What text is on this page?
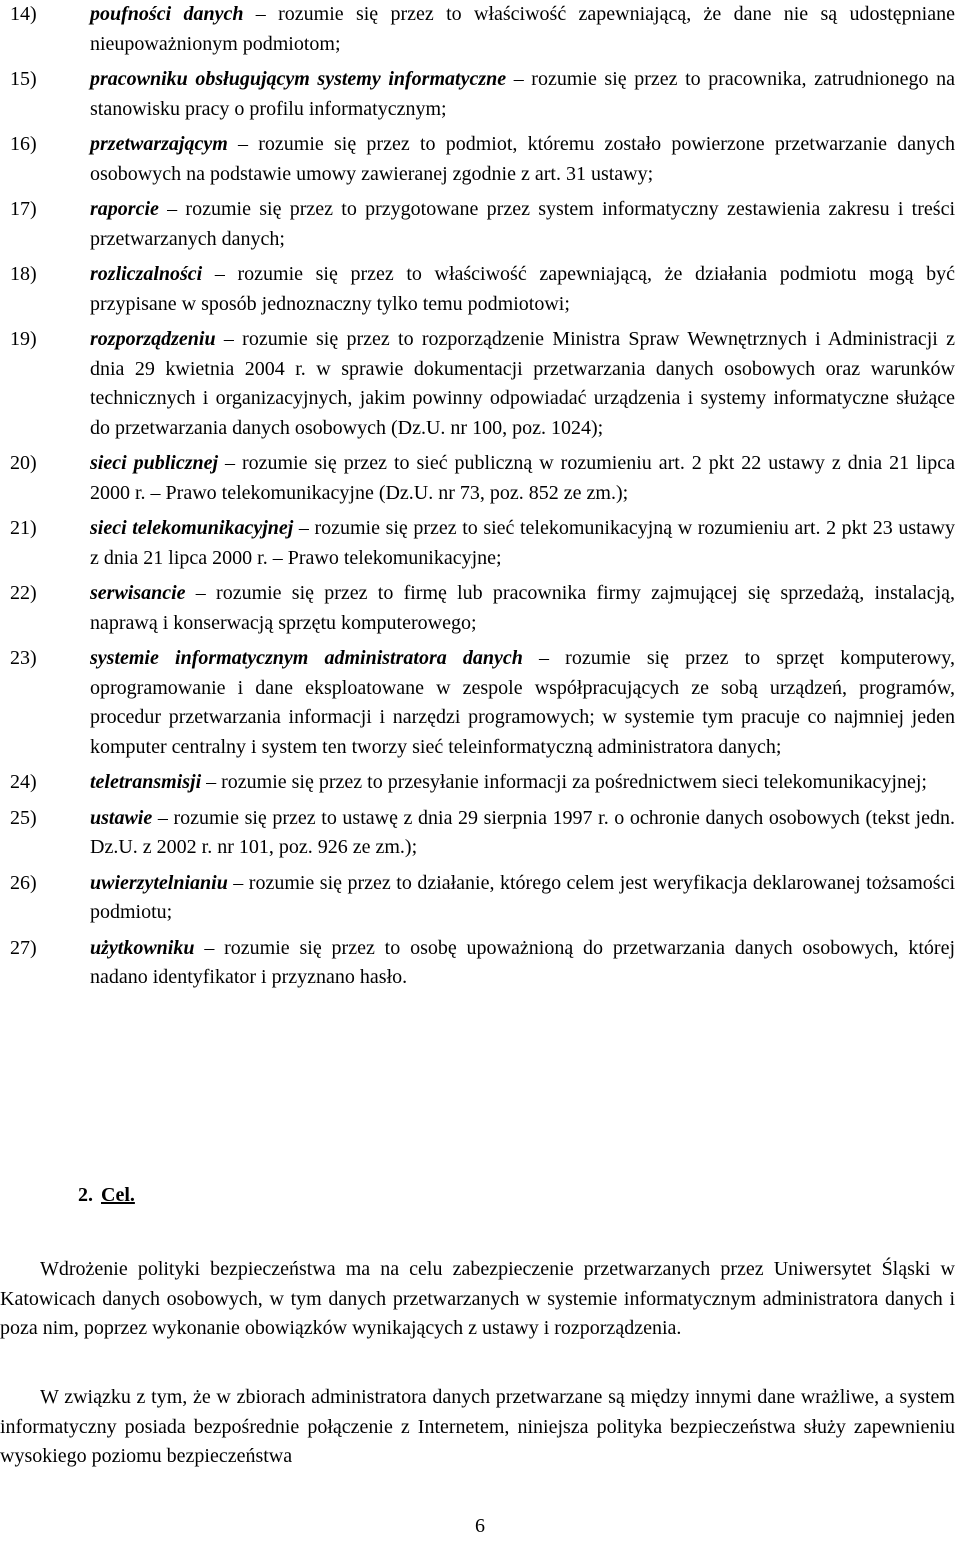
14)	poufności danych – rozumie się przez to właściwość zapewniającą, że dane nie są udostępniane nieupoważnionym podmiotom;
15)	pracowniku obsługującym systemy informatyczne – rozumie się przez to pracownika, zatrudnionego na stanowisku pracy o profilu informatycznym;
16)	przetwarzającym – rozumie się przez to podmiot, któremu zostało powierzone przetwarzanie danych osobowych na podstawie umowy zawieranej zgodnie z art. 31 ustawy;
17)	raporcie – rozumie się przez to przygotowane przez system informatyczny zestawienia zakresu i treści przetwarzanych danych;
18)	rozliczalności – rozumie się przez to właściwość zapewniającą, że działania podmiotu mogą być przypisane w sposób jednoznaczny tylko temu podmiotowi;
19)	rozporządzeniu – rozumie się przez to rozporządzenie Ministra Spraw Wewnętrznych i Administracji z dnia 29 kwietnia 2004 r. w sprawie dokumentacji przetwarzania danych osobowych oraz warunków technicznych i organizacyjnych, jakim powinny odpowiadać urządzenia i systemy informatyczne służące do przetwarzania danych osobowych (Dz.U. nr 100, poz. 1024);
20)	sieci publicznej – rozumie się przez to sieć publiczną w rozumieniu art. 2 pkt 22 ustawy z dnia 21 lipca 2000 r. – Prawo telekomunikacyjne (Dz.U. nr 73, poz. 852 ze zm.);
21)	sieci telekomunikacyjnej – rozumie się przez to sieć telekomunikacyjną w rozumieniu art. 2 pkt 23 ustawy z dnia 21 lipca 2000 r. – Prawo telekomunikacyjne;
22)	serwisancie – rozumie się przez to firmę lub pracownika firmy zajmującej się sprzedażą, instalacją, naprawą i konserwacją sprzętu komputerowego;
23)	systemie informatycznym administratora danych – rozumie się przez to sprzęt komputerowy, oprogramowanie i dane eksploatowane w zespole współpracujących ze sobą urządzeń, programów, procedur przetwarzania informacji i narzędzi programowych; w systemie tym pracuje co najmniej jeden komputer centralny i system ten tworzy sieć teleinformatyczną administratora danych;
24)	teletransmisji – rozumie się przez to przesyłanie informacji za pośrednictwem sieci telekomunikacyjnej;
25)	ustawie – rozumie się przez to ustawę z dnia 29 sierpnia 1997 r. o ochronie danych osobowych (tekst jedn. Dz.U. z 2002 r. nr 101, poz. 926 ze zm.);
26)	uwierzytelnianiu – rozumie się przez to działanie, którego celem jest weryfikacja deklarowanej tożsamości podmiotu;
27)	użytkowniku – rozumie się przez to osobę upoważnioną do przetwarzania danych osobowych, której nadano identyfikator i przyznano hasło.
2. Cel.

Wdrożenie polityki bezpieczeństwa ma na celu zabezpieczenie przetwarzanych przez Uniwersytet Śląski w Katowicach danych osobowych, w tym danych przetwarzanych w systemie informatycznym administratora danych i poza nim, poprzez wykonanie obowiązków wynikających z ustawy i rozporządzenia.

W związku z tym, że w zbiorach administratora danych przetwarzane są między innymi dane wrażliwe, a system informatyczny posiada bezpośrednie połączenie z Internetem, niniejsza polityka bezpieczeństwa służy zapewnieniu wysokiego poziomu bezpieczeństwa

6
